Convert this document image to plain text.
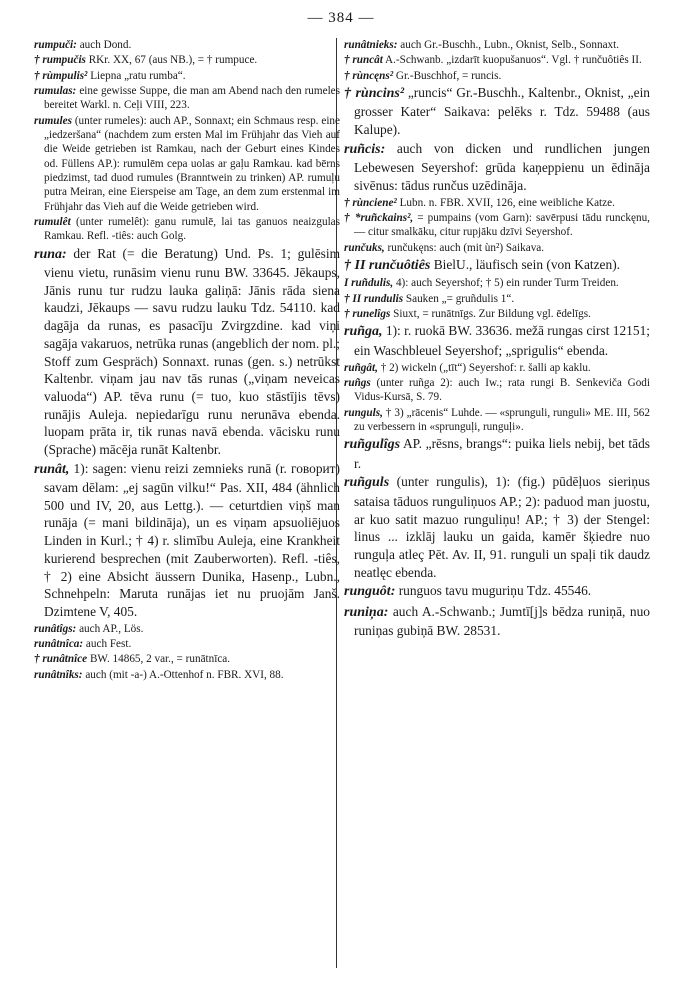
— 384 —

rumpuči: auch Dond.

† rumpučis RKr. XX, 67 (aus NB.), = † rumpuce.

† rùmpulis² Liepna „ratu rumba“.

rumulas: eine gewisse Suppe, die man am Abend nach den rumeles bereitet Warkl. n. Ceļi VIII, 223.

rumules (unter rumeles): auch AP., Sonnaxt; ein Schmaus resp. eine „iedzeršana“ (nachdem zum ersten Mal im Frühjahr das Vieh auf die Weide getrieben ist Ramkau, nach der Geburt eines Kindes od. Füllens AP.): rumulēm cepa uolas ar gaļu Ramkau. kad bērns piedzimst, tad duod rumules (Branntwein zu trinken) AP. rumuļu putra Meiran, eine Eierspeise am Tage, an dem zum erstenmal im Frühjahr das Vieh auf die Weide getrieben wird.

rumulêt (unter rumelêt): ganu rumulē, lai tas ganuos neaizgulas Ramkau. Refl. -tiês: auch Golg.

runa: der Rat (= die Beratung) Und. Ps. 1; gulēsim vienu vietu, runāsim vienu runu BW. 33645. Jēkaups, Jānis runu tur rudzu lauka galiņā: Jānis rāda siena kaudzi, Jēkaups — savu rudzu lauku Tdz. 54110. kad dagāja da runas, es pasacīju Zvirgzdine. kad viņi sagāja vakaruos, netrūka runas (angeblich der nom. pl.; Stoff zum Gespräch) Sonnaxt. runas (gen. s.) netrūkst Kaltenbr. viņam jau nav tās runas („viņam neveicas valuoda“) AP. tēva runu (= tuo, kuo stāstījis tēvs) runājis Auleja. nepiedarīgu runu nerunāva ebenda. luopam prāta ir, tik runas navā ebenda. vācisku runu (Sprache) mācēja runāt Kaltenbr.

runât, 1): sagen: vienu reizi zemnieks runā (r. говорит) savam dēlam: „ej sagūn vilku!“ Pas. XII, 484 (ähnlich 500 und IV, 20, aus Lettg.). — ceturtdien viņš man runāja (= mani bildināja), un es viņam apsuoliējuos Linden in Kurl.; † 4) r. slimību Auleja, eine Krankheit kurierend besprechen (mit Zauberworten). Refl. -tiês, † 2) eine Absicht äussern Dunika, Hasenp., Lubn., Schnehpeln: Maruta runājas iet nu pruojām Janš. Dzimtene V, 405.

runâtîgs: auch AP., Lös.

runâtnîca: auch Fest.

† runâtnîce BW. 14865, 2 var., = runātnīca.

runâtnîks: auch (mit -a-) A.-Ottenhof n. FBR. XVI, 88.

runâtnieks: auch Gr.-Buschh., Lubn., Oknist, Selb., Sonnaxt.

† runcât A.-Schwanb. „izdarīt kuopušanuos“. Vgl. † runčuôtiês II.

† rùncęns² Gr.-Buschhof, = runcis.

† rùncins² „runcis“ Gr.-Buschh., Kaltenbr., Oknist, „ein grosser Kater“ Saikava: pelēks r. Tdz. 59488 (aus Kalupe).

ruñcis: auch von dicken und rundlichen jungen Lebewesen Seyershof: grūda kaņeppienu un ēdināja sivēnus: tādus runčus uzēdināja.

† rùnciene² Lubn. n. FBR. XVII, 126, eine weibliche Katze.

† *ruñckains², = pumpains (vom Garn): savērpusi tādu runckęnu, — citur smalkāku, citur rupjāku dzīvi Seyershof.

runčuks, runčukęns: auch (mit ùn²) Saikava.

† II runčuôtiês BielU., läufisch sein (von Katzen).

I ruñdulis, 4): auch Seyershof; † 5) ein runder Turm Treiden.

† II rundulis Sauken „= gruñdulis 1“.

† runelîgs Siuxt, = runātnīgs. Zur Bildung vgl. ēdelīgs.

ruñga, 1): r. ruokā BW. 33636. mežā rungas cirst 12151; ein Waschbleuel Seyershof; „sprigulis“ ebenda.

ruñgât, † 2) wickeln („tīt“) Seyershof: r. šalli ap kaklu.

ruñgs (unter ruñga 2): auch Iw.; rata rungi B. Senkeviča Godi Vidus-Kursā, S. 79.

runguls, † 3) „rācenis“ Luhde. — «sprunguli, runguli» ME. III, 562 zu verbessern in «sprunguļi, runguļi».

ruñgulîgs AP. „rēsns, brangs“: puika liels nebij, bet tāds r.

ruñguls (unter rungulis), 1): (fig.) pūdēļuos sieriņus sataisa tāduos runguliņuos AP.; 2): paduod man juostu, ar kuo satit mazuo runguliņu! AP.; † 3) der Stengel: linus ... izklāj lauku un gaida, kamēr šķiedre nuo runguļa atleç Pēt. Av. II, 91. runguli un spaļi tik daudz neatlęc ebenda.

runguôt: runguos tavu muguriņu Tdz. 45546.

runiņa: auch A.-Schwanb.; Jumtī[j]s bēdza runiņā, nuo runiņas gubiņā BW. 28531.
